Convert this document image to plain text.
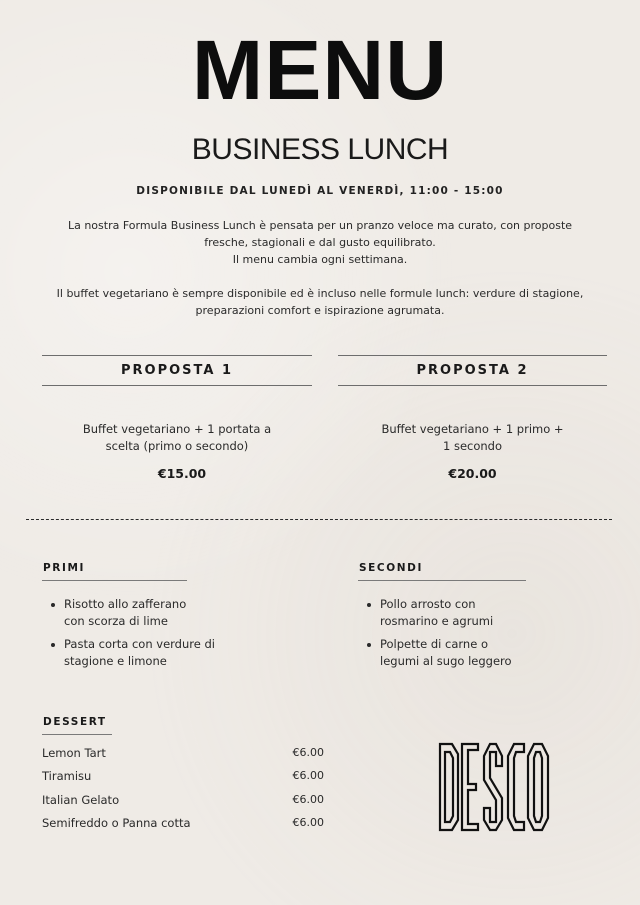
MENU
BUSINESS LUNCH
DISPONIBILE DAL LUNEDÌ AL VENERDÌ, 11:00 - 15:00

La nostra Formula Business Lunch è pensata per un pranzo veloce ma curato, con proposte

fresche, stagionali e dal gusto equilibrato.

Il menu cambia ogni settimana.

Il buffet vegetariano è sempre disponibile ed è incluso nelle formule lunch: verdure di stagione,

preparazioni comfort e ispirazione agrumata.

PROPOSTA 1
Buffet vegetariano + 1 portata a
scelta (primo o secondo)
€15.00
PROPOSTA 2
Buffet vegetariano + 1 primo +
1 secondo
€20.00
PRIMI
Risotto allo zafferano
con scorza di lime
Pasta corta con verdure di
stagione e limone
SECONDI
Pollo arrosto con
rosmarino e agrumi
Polpette di carne o
legumi al sugo leggero
DESSERT
Lemon Tart	€6.00
Tiramisu	€6.00
Italian Gelato	€6.00
Semifreddo o Panna cotta	€6.00
